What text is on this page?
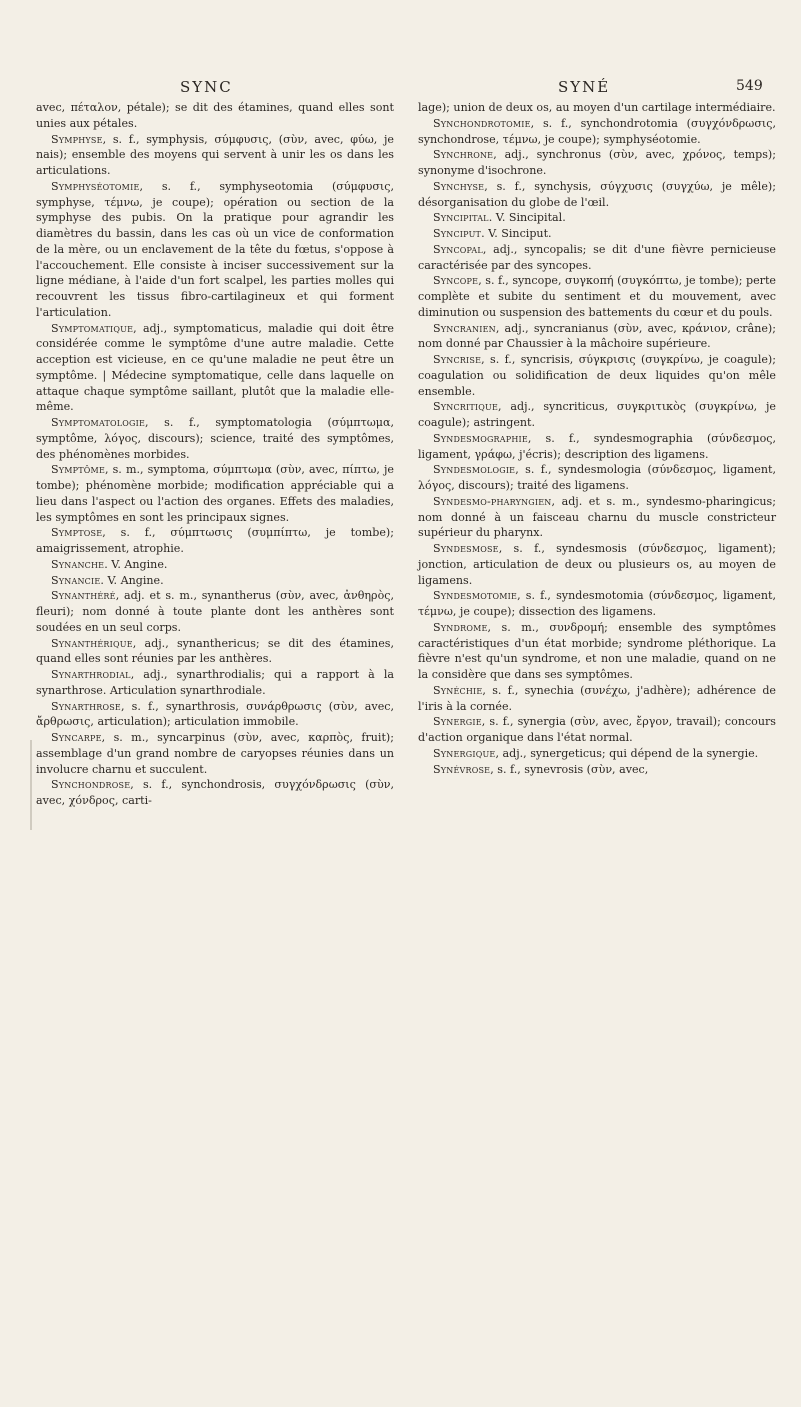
SYNC	SYNÉ	549

avec, πέταλον, pétale); se dit des étamines, quand elles sont unies aux pétales.

Symphyse, s. f., symphysis, σύμφυσις, (σὺν, avec, φύω, je nais); ensemble des moyens qui servent à unir les os dans les articulations.

Symphyséotomie, s. f., symphyseotomia (σύμφυσις, symphyse, τέμνω, je coupe); opération ou section de la symphyse des pubis. On la pratique pour agrandir les diamètres du bassin, dans les cas où un vice de conformation de la mère, ou un enclavement de la tête du fœtus, s'oppose à l'accouchement. Elle consiste à inciser successivement sur la ligne médiane, à l'aide d'un fort scalpel, les parties molles qui recouvrent les tissus fibro-cartilagineux et qui forment l'articulation.

Symptomatique, adj., symptomaticus, maladie qui doit être considérée comme le symptôme d'une autre maladie. Cette acception est vicieuse, en ce qu'une maladie ne peut être un symptôme. | Médecine symptomatique, celle dans laquelle on attaque chaque symptôme saillant, plutôt que la maladie elle-même.

Symptomatologie, s. f., symptomatologia (σύμπτωμα, symptôme, λόγος, discours); science, traité des symptômes, des phénomènes morbides.

Symptôme, s. m., symptoma, σύμπτωμα (σὺν, avec, πίπτω, je tombe); phénomène morbide; modification appréciable qui a lieu dans l'aspect ou l'action des organes. Effets des maladies, les symptômes en sont les principaux signes.

Symptose, s. f., σύμπτωσις (συμπίπτω, je tombe); amaigrissement, atrophie.

Synanche. V. Angine.

Synancie. V. Angine.

Synanthéré, adj. et s. m., synantherus (σὺν, avec, ἀνθηρὸς, fleuri); nom donné à toute plante dont les anthères sont soudées en un seul corps.

Synanthérique, adj., synanthericus; se dit des étamines, quand elles sont réunies par les anthères.

Synarthrodial, adj., synarthrodialis; qui a rapport à la synarthrose. Articulation synarthrodiale.

Synarthrose, s. f., synarthrosis, συνάρθρωσις (σὺν, avec, ἄρθρωσις, articulation); articulation immobile.

Syncarpe, s. m., syncarpinus (σὺν, avec, καρπὸς, fruit); assemblage d'un grand nombre de caryopses réunies dans un involucre charnu et succulent.

Synchondrose, s. f., synchondrosis, συγχόνδρωσις (σὺν, avec, χόνδρος, carti-

lage); union de deux os, au moyen d'un cartilage intermédiaire.

Synchondrotomie, s. f., synchondrotomia (συγχόνδρωσις, synchondrose, τέμνω, je coupe); symphyséotomie.

Synchrone, adj., synchronus (σὺν, avec, χρόνος, temps); synonyme d'isochrone.

Synchyse, s. f., synchysis, σύγχυσις (συγχύω, je mêle); désorganisation du globe de l'œil.

Syncipital. V. Sincipital.

Synciput. V. Sinciput.

Syncopal, adj., syncopalis; se dit d'une fièvre pernicieuse caractérisée par des syncopes.

Syncope, s. f., syncope, συγκοπή (συγκόπτω, je tombe); perte complète et subite du sentiment et du mouvement, avec diminution ou suspension des battements du cœur et du pouls.

Syncranien, adj., syncranianus (σὺν, avec, κράνιον, crâne); nom donné par Chaussier à la mâchoire supérieure.

Syncrise, s. f., syncrisis, σύγκρισις (συγκρίνω, je coagule); coagulation ou solidification de deux liquides qu'on mêle ensemble.

Syncritique, adj., syncriticus, συγκριτικὸς (συγκρίνω, je coagule); astringent.

Syndesmographie, s. f., syndesmographia (σύνδεσμος, ligament, γράφω, j'écris); description des ligamens.

Syndesmologie, s. f., syndesmologia (σύνδεσμος, ligament, λόγος, discours); traité des ligamens.

Syndesmo-pharyngien, adj. et s. m., syndesmo-pharingicus; nom donné à un faisceau charnu du muscle constricteur supérieur du pharynx.

Syndesmose, s. f., syndesmosis (σύνδεσμος, ligament); jonction, articulation de deux ou plusieurs os, au moyen de ligamens.

Syndesmotomie, s. f., syndesmotomia (σύνδεσμος, ligament, τέμνω, je coupe); dissection des ligamens.

Syndrome, s. m., συνδρομή; ensemble des symptômes caractéristiques d'un état morbide; syndrome pléthorique. La fièvre n'est qu'un syndrome, et non une maladie, quand on ne la considère que dans ses symptômes.

Synéchie, s. f., synechia (συνέχω, j'adhère); adhérence de l'iris à la cornée.

Synergie, s. f., synergia (σὺν, avec, ἔργον, travail); concours d'action organique dans l'état normal.

Synergique, adj., synergeticus; qui dépend de la synergie.

Synévrose, s. f., synevrosis (σὺν, avec,
